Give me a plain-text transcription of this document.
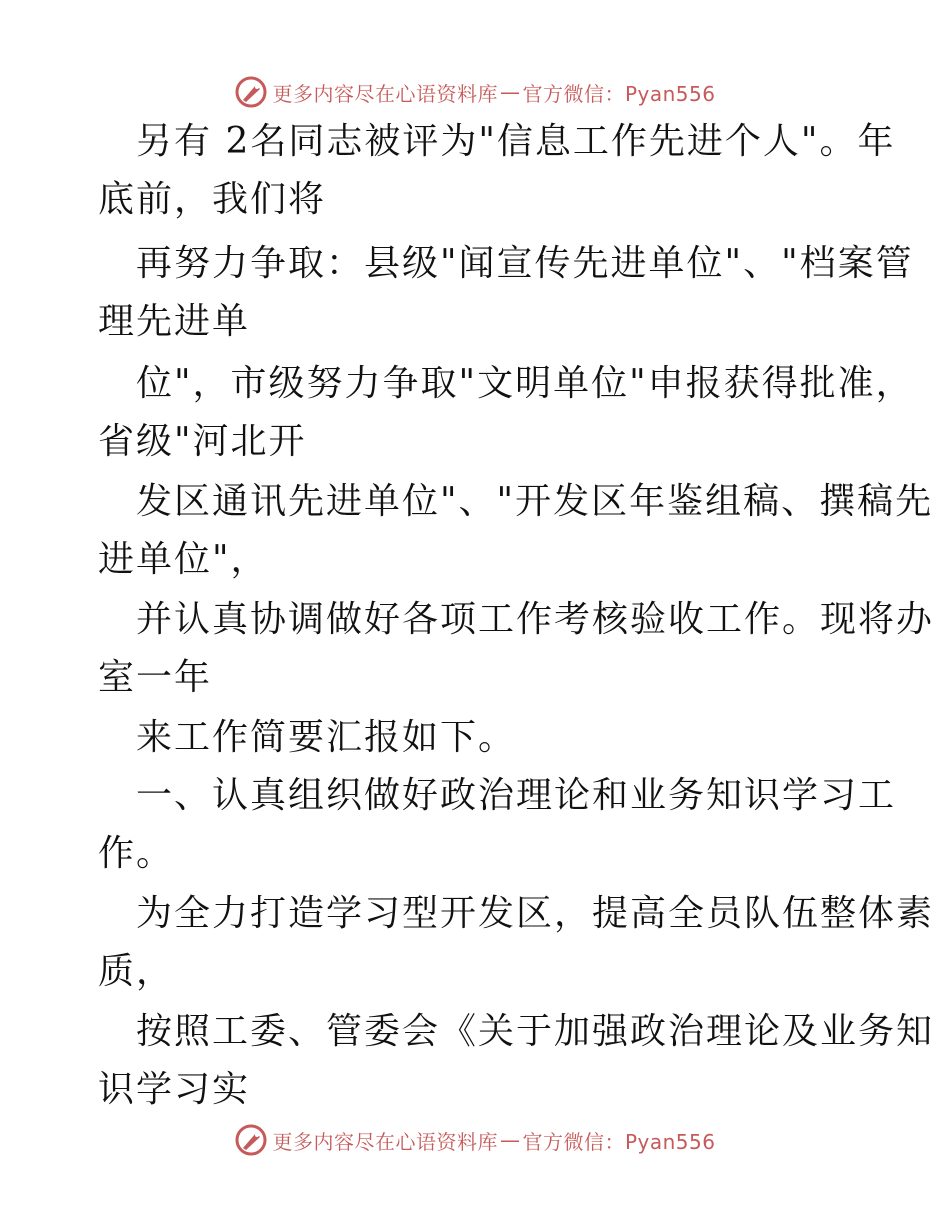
更多内容尽在心语资料库 — 官方微信：Pyan556
另有 2名同志被评为"信息工作先进个人"。年
底前，我们将
再努力争取：县级"闻宣传先进单位"、"档案管
理先进单
位"，市级努力争取"文明单位"申报获得批准，
省级"河北开
发区通讯先进单位"、"开发区年鉴组稿、撰稿先
进单位"，
并认真协调做好各项工作考核验收工作。现将办
室一年
来工作简要汇报如下。
一、认真组织做好政治理论和业务知识学习工
作。
为全力打造学习型开发区，提高全员队伍整体素
质，
按照工委、管委会《关于加强政治理论及业务知
识学习实
更多内容尽在心语资料库 — 官方微信：Pyan556
